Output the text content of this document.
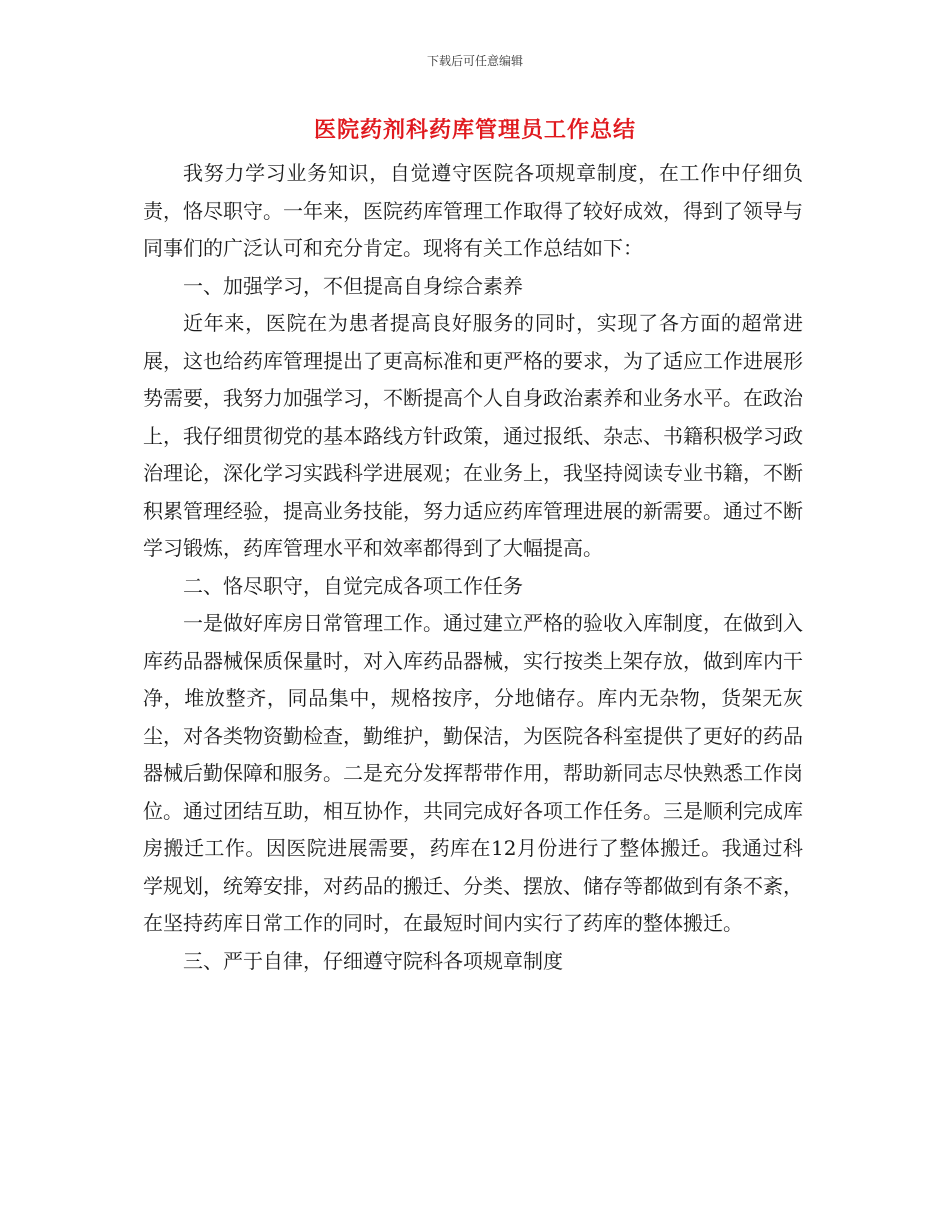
下载后可任意编辑
医院药剂科药库管理员工作总结

我努力学习业务知识，自觉遵守医院各项规章制度，在工作中仔细负责，恪尽职守。一年来，医院药库管理工作取得了较好成效，得到了领导与同事们的广泛认可和充分肯定。现将有关工作总结如下：

一、加强学习，不但提高自身综合素养

近年来，医院在为患者提高良好服务的同时，实现了各方面的超常进展，这也给药库管理提出了更高标准和更严格的要求，为了适应工作进展形势需要，我努力加强学习，不断提高个人自身政治素养和业务水平。在政治上，我仔细贯彻党的基本路线方针政策，通过报纸、杂志、书籍积极学习政治理论，深化学习实践科学进展观；在业务上，我坚持阅读专业书籍，不断积累管理经验，提高业务技能，努力适应药库管理进展的新需要。通过不断学习锻炼，药库管理水平和效率都得到了大幅提高。

二、恪尽职守，自觉完成各项工作任务

一是做好库房日常管理工作。通过建立严格的验收入库制度，在做到入库药品器械保质保量时，对入库药品器械，实行按类上架存放，做到库内干净，堆放整齐，同品集中，规格按序，分地储存。库内无杂物，货架无灰尘，对各类物资勤检查，勤维护，勤保洁，为医院各科室提供了更好的药品器械后勤保障和服务。二是充分发挥帮带作用，帮助新同志尽快熟悉工作岗位。通过团结互助，相互协作，共同完成好各项工作任务。三是顺利完成库房搬迁工作。因医院进展需要，药库在12月份进行了整体搬迁。我通过科学规划，统筹安排，对药品的搬迁、分类、摆放、储存等都做到有条不紊，在坚持药库日常工作的同时，在最短时间内实行了药库的整体搬迁。

三、严于自律，仔细遵守院科各项规章制度
